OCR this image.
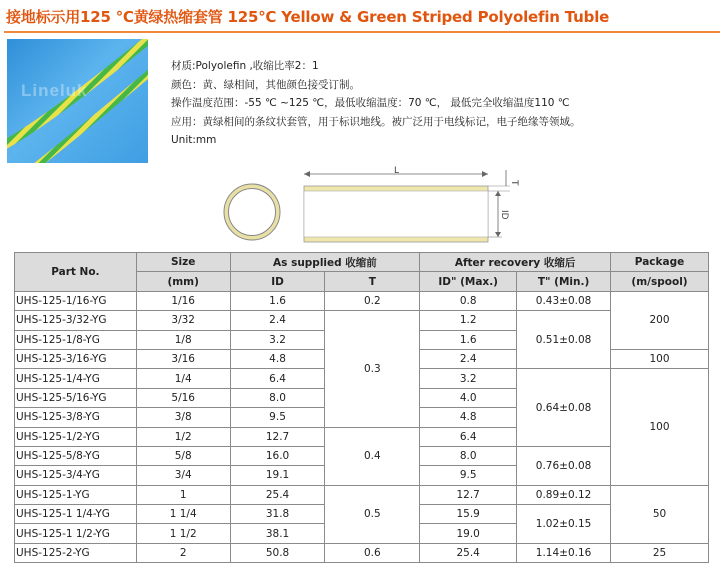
接地标示用125 ℃黄绿热缩套管 125℃ Yellow & Green Striped Polyolefin Tuble
Lineluk
材质:Polyolefin ,收缩比率2：1
颜色：黄、绿相间，其他颜色接受订制。
操作温度范围：-55 ℃ ~125 ℃，最低收缩温度：70 ℃， 最低完全收缩温度110 ℃
应用：黄绿相间的条纹状套管，用于标识地线。被广泛用于电线标记，电子绝缘等领域。
Unit:mm
L
T
ID
Part No.	Size	As supplied 收缩前		After recovery 收缩后		Package
	(mm)	ID	T	ID" (Max.)	T" (Min.)	(m/spool)
UHS-125-1/16-YG	1/16	1.6	0.2	0.8	0.43±0.08	200
UHS-125-3/32-YG	3/32	2.4	0.3	1.2	0.51±0.08	
UHS-125-1/8-YG	1/8	3.2		1.6		
UHS-125-3/16-YG	3/16	4.8		2.4		100
UHS-125-1/4-YG	1/4	6.4		3.2	0.64±0.08	100
UHS-125-5/16-YG	5/16	8.0		4.0		
UHS-125-3/8-YG	3/8	9.5		4.8		
UHS-125-1/2-YG	1/2	12.7	0.4	6.4		
UHS-125-5/8-YG	5/8	16.0		8.0	0.76±0.08	
UHS-125-3/4-YG	3/4	19.1		9.5		
UHS-125-1-YG	1	25.4	0.5	12.7	0.89±0.12	50
UHS-125-1 1/4-YG	1 1/4	31.8		15.9	1.02±0.15	
UHS-125-1 1/2-YG	1 1/2	38.1		19.0		
UHS-125-2-YG	2	50.8	0.6	25.4	1.14±0.16	25
